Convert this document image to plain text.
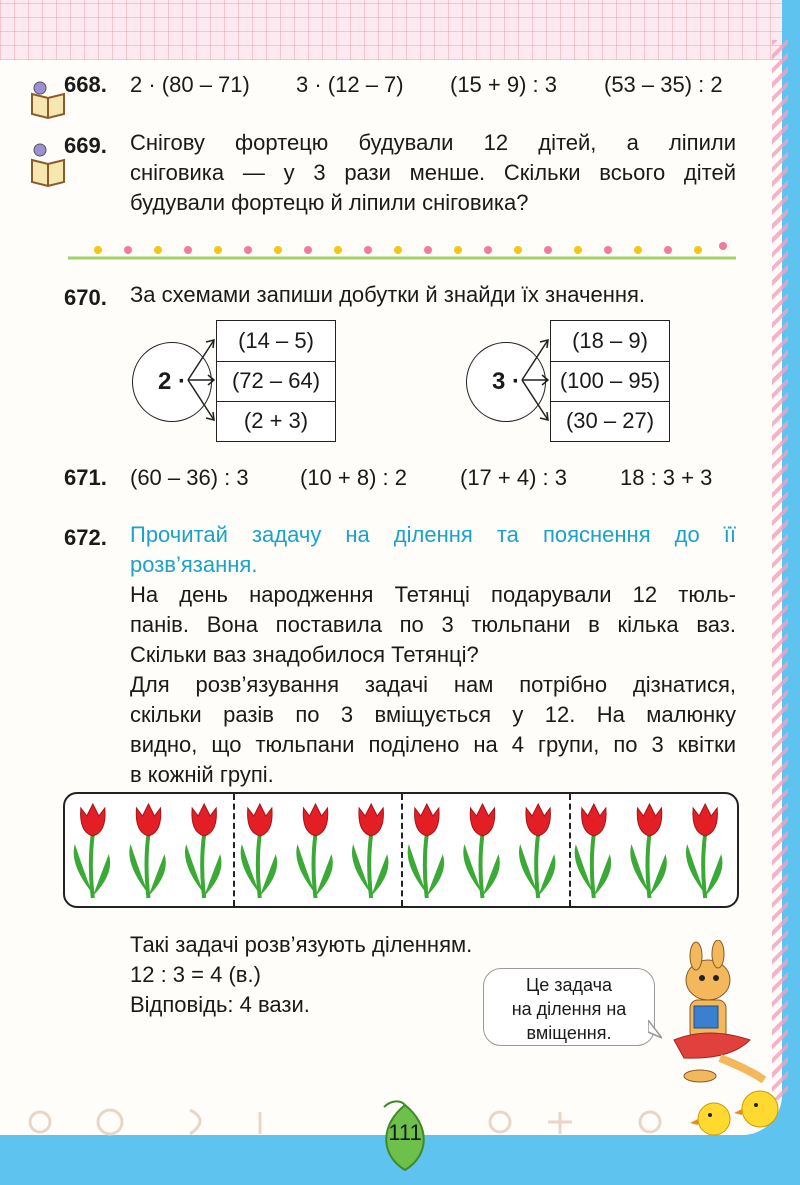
668. 2 · (80 – 71) 3 · (12 – 7) (15 + 9) : 3 (53 – 35) : 2
669. Снігову фортецю будували 12 дітей, а ліпили
сніговика — у 3 рази менше. Скільки всього дітей
будували фортецю й ліпили сніговика?
670. За схемами запиши добутки й знайди їх значення.
2 ·
(14 – 5)
(72 – 64)
(2 + 3)
3 ·
(18 – 9)
(100 – 95)
(30 – 27)
671. (60 – 36) : 3 (10 + 8) : 2 (17 + 4) : 3 18 : 3 + 3
672. Прочитай задачу на ділення та пояснення до її
розв’язання.
На день народження Тетянці подарували 12 тюль-
панів. Вона поставила по 3 тюльпани в кілька ваз.
Скільки ваз знадобилося Тетянці?
Для розв’язування задачі нам потрібно дізнатися,
скільки разів по 3 вміщується у 12. На малюнку
видно, що тюльпани поділено на 4 групи, по 3 квітки
в кожній групі.
Такі задачі розв’язують діленням.
12 : 3 = 4 (в.)
Відповідь: 4 вази.
Це задача
на ділення на
вміщення.
111
